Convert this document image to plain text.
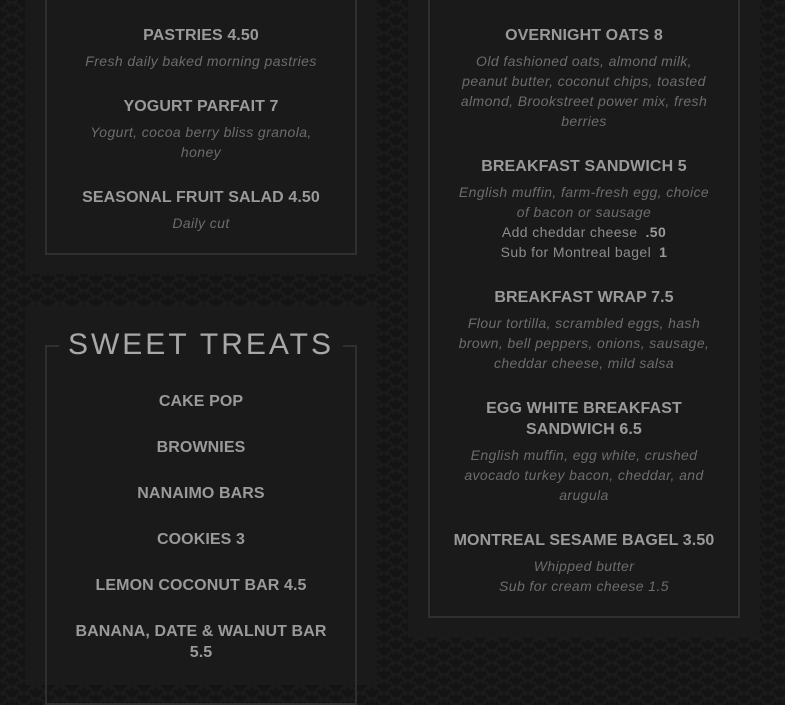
PASTRIES 4.50
Fresh daily baked morning pastries
YOGURT PARFAIT 7
Yogurt, cocoa berry bliss granola,
honey
SEASONAL FRUIT SALAD 4.50
Daily cut
SWEET TREATS
CAKE POP
BROWNIES
NANAIMO BARS
COOKIES 3
LEMON COCONUT BAR 4.5
BANANA, DATE & WALNUT BAR
5.5
OVERNIGHT OATS 8
Old fashioned oats, almond milk,
peanut butter, coconut chips, toasted
almond, Brookstreet power mix, fresh
berries
BREAKFAST SANDWICH 5
English muffin, farm-fresh egg, choice
of bacon or sausage
Add cheddar cheese .50
Sub for Montreal bagel 1
BREAKFAST WRAP 7.5
Flour tortilla, scrambled eggs, hash
brown, bell peppers, onions, sausage,
cheddar cheese, mild salsa
EGG WHITE BREAKFAST
SANDWICH 6.5
English muffin, egg white, crushed
avocado turkey bacon, cheddar, and
arugula
MONTREAL SESAME BAGEL 3.50
Whipped butter
Sub for cream cheese 1.5
